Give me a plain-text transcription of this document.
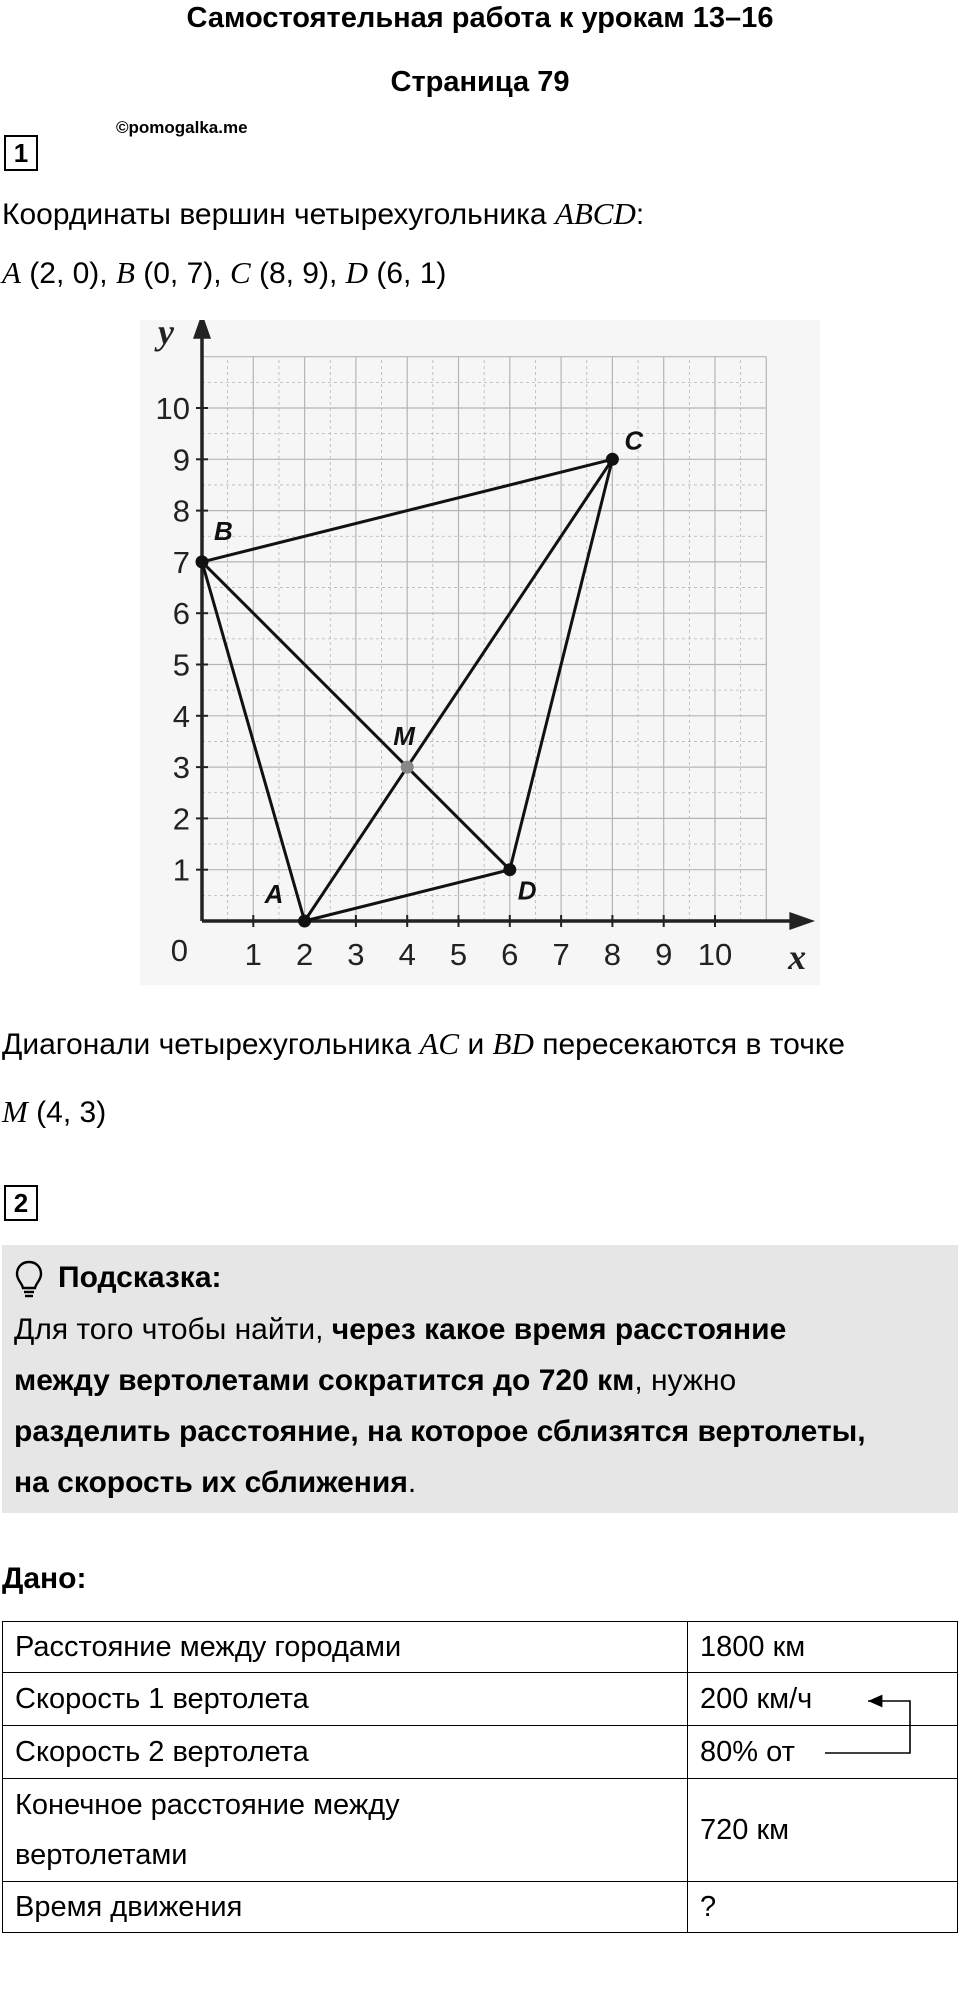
Самостоятельная работа к урокам 13–16
Страница 79
©pomogalka.me
1
Координаты вершин четырехугольника ABCD:
A (2, 0), B (0, 7), C (8, 9), D (6, 1)
1 2 3 4 5 6 7 8 9 10
1
2
3
4
5
6
7
8
9
10
0	x
y
A
B
C
D
M
Диагонали четырехугольника AC и BD пересекаются в точке
M (4, 3)
2
Подсказка:
Для того чтобы найти, через какое время расстояние
между вертолетами сократится до 720 км, нужно
разделить расстояние, на которое сблизятся вертолеты,
на скорость их сближения.
Дано:
Расстояние между городами	1800 км
Скорость 1 вертолета	200 км/ч
Скорость 2 вертолета	80% от
Конечное расстояние между
вертолетами	720 км
Время движения	?
